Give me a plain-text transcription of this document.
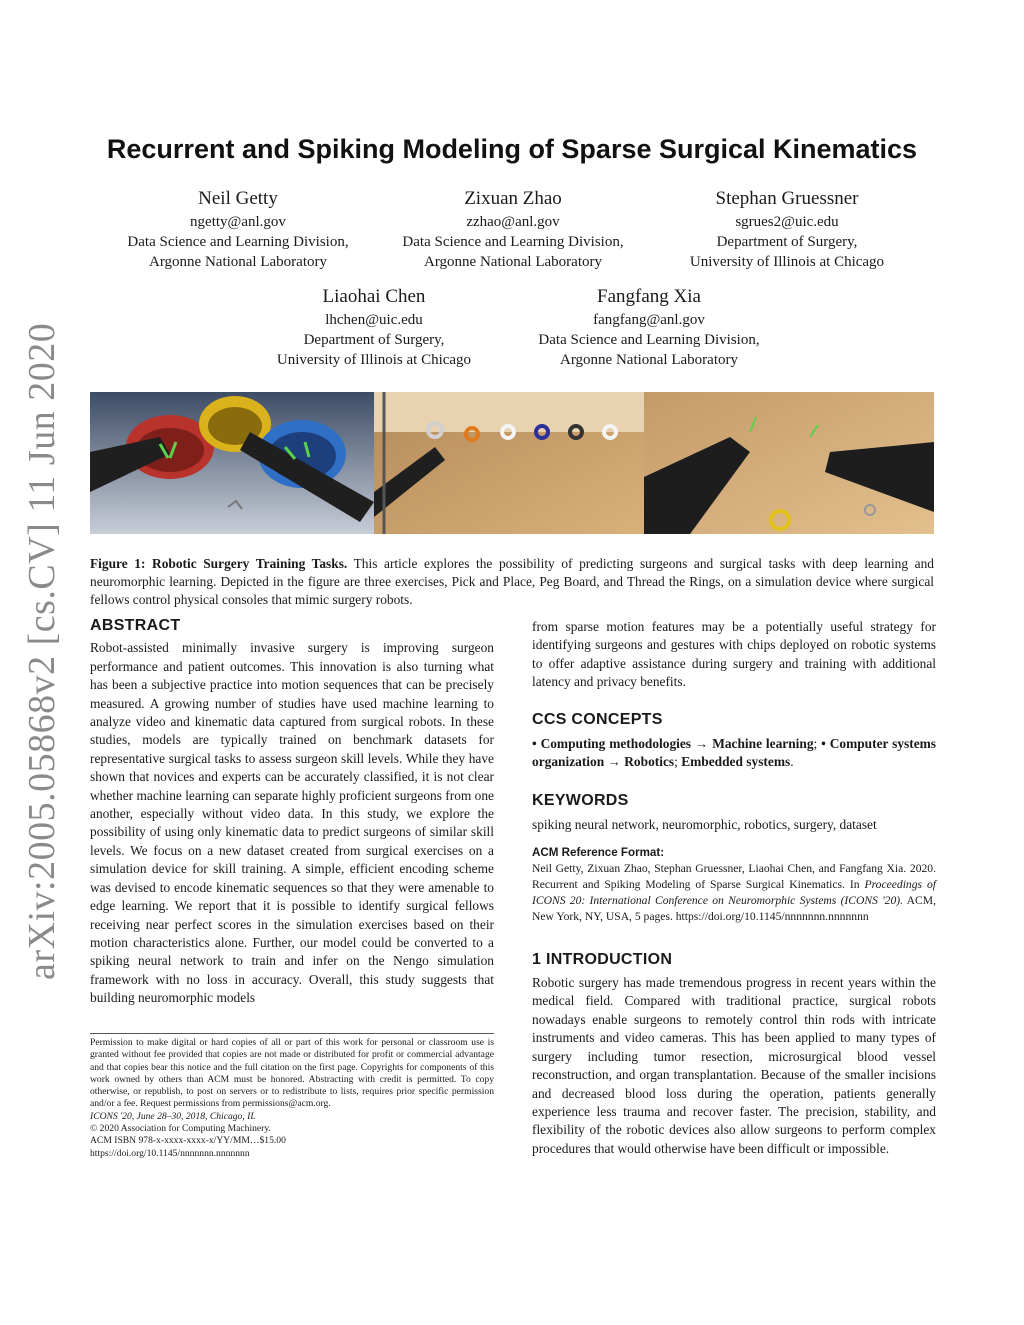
arXiv:2005.05868v2 [cs.CV] 11 Jun 2020
Recurrent and Spiking Modeling of Sparse Surgical Kinematics
Neil Getty
ngetty@anl.gov
Data Science and Learning Division,
Argonne National Laboratory
Zixuan Zhao
zzhao@anl.gov
Data Science and Learning Division,
Argonne National Laboratory
Stephan Gruessner
sgrues2@uic.edu
Department of Surgery,
University of Illinois at Chicago
Liaohai Chen
lhchen@uic.edu
Department of Surgery,
University of Illinois at Chicago
Fangfang Xia
fangfang@anl.gov
Data Science and Learning Division,
Argonne National Laboratory
Figure 1: Robotic Surgery Training Tasks. This article explores the possibility of predicting surgeons and surgical tasks with deep learning and neuromorphic learning. Depicted in the figure are three exercises, Pick and Place, Peg Board, and Thread the Rings, on a simulation device where surgical fellows control physical consoles that mimic surgery robots.
ABSTRACT

Robot-assisted minimally invasive surgery is improving surgeon performance and patient outcomes. This innovation is also turning what has been a subjective practice into motion sequences that can be precisely measured. A growing number of studies have used machine learning to analyze video and kinematic data captured from surgical robots. In these studies, models are typically trained on benchmark datasets for representative surgical tasks to assess surgeon skill levels. While they have shown that novices and experts can be accurately classified, it is not clear whether machine learning can separate highly proficient surgeons from one another, especially without video data. In this study, we explore the possibility of using only kinematic data to predict surgeons of similar skill levels. We focus on a new dataset created from surgical exercises on a simulation device for skill training. A simple, efficient encoding scheme was devised to encode kinematic sequences so that they were amenable to edge learning. We report that it is possible to identify surgical fellows receiving near perfect scores in the simulation exercises based on their motion characteristics alone. Further, our model could be converted to a spiking neural network to train and infer on the Nengo simulation framework with no loss in accuracy. Overall, this study suggests that building neuromorphic models

Permission to make digital or hard copies of all or part of this work for personal or classroom use is granted without fee provided that copies are not made or distributed for profit or commercial advantage and that copies bear this notice and the full citation on the first page. Copyrights for components of this work owned by others than ACM must be honored. Abstracting with credit is permitted. To copy otherwise, or republish, to post on servers or to redistribute to lists, requires prior specific permission and/or a fee. Request permissions from permissions@acm.org.
ICONS '20, June 28–30, 2018, Chicago, IL
© 2020 Association for Computing Machinery.
ACM ISBN 978-x-xxxx-xxxx-x/YY/MM…$15.00
https://doi.org/10.1145/nnnnnnn.nnnnnnn

from sparse motion features may be a potentially useful strategy for identifying surgeons and gestures with chips deployed on robotic systems to offer adaptive assistance during surgery and training with additional latency and privacy benefits.

CCS CONCEPTS

• Computing methodologies → Machine learning; • Computer systems organization → Robotics; Embedded systems.

KEYWORDS

spiking neural network, neuromorphic, robotics, surgery, dataset

ACM Reference Format:
Neil Getty, Zixuan Zhao, Stephan Gruessner, Liaohai Chen, and Fangfang Xia. 2020. Recurrent and Spiking Modeling of Sparse Surgical Kinematics. In Proceedings of ICONS 20: International Conference on Neuromorphic Systems (ICONS '20). ACM, New York, NY, USA, 5 pages. https://doi.org/10.1145/nnnnnnn.nnnnnnn
1 INTRODUCTION

Robotic surgery has made tremendous progress in recent years within the medical field. Compared with traditional practice, surgical robots nowadays enable surgeons to remotely control thin rods with intricate instruments and video cameras. This has been applied to many types of surgery including tumor resection, microsurgical blood vessel reconstruction, and organ transplantation. Because of the smaller incisions and decreased blood loss during the operation, patients generally experience less trauma and recover faster. The precision, stability, and flexibility of the robotic devices also allow surgeons to perform complex procedures that would otherwise have been difficult or impossible.
